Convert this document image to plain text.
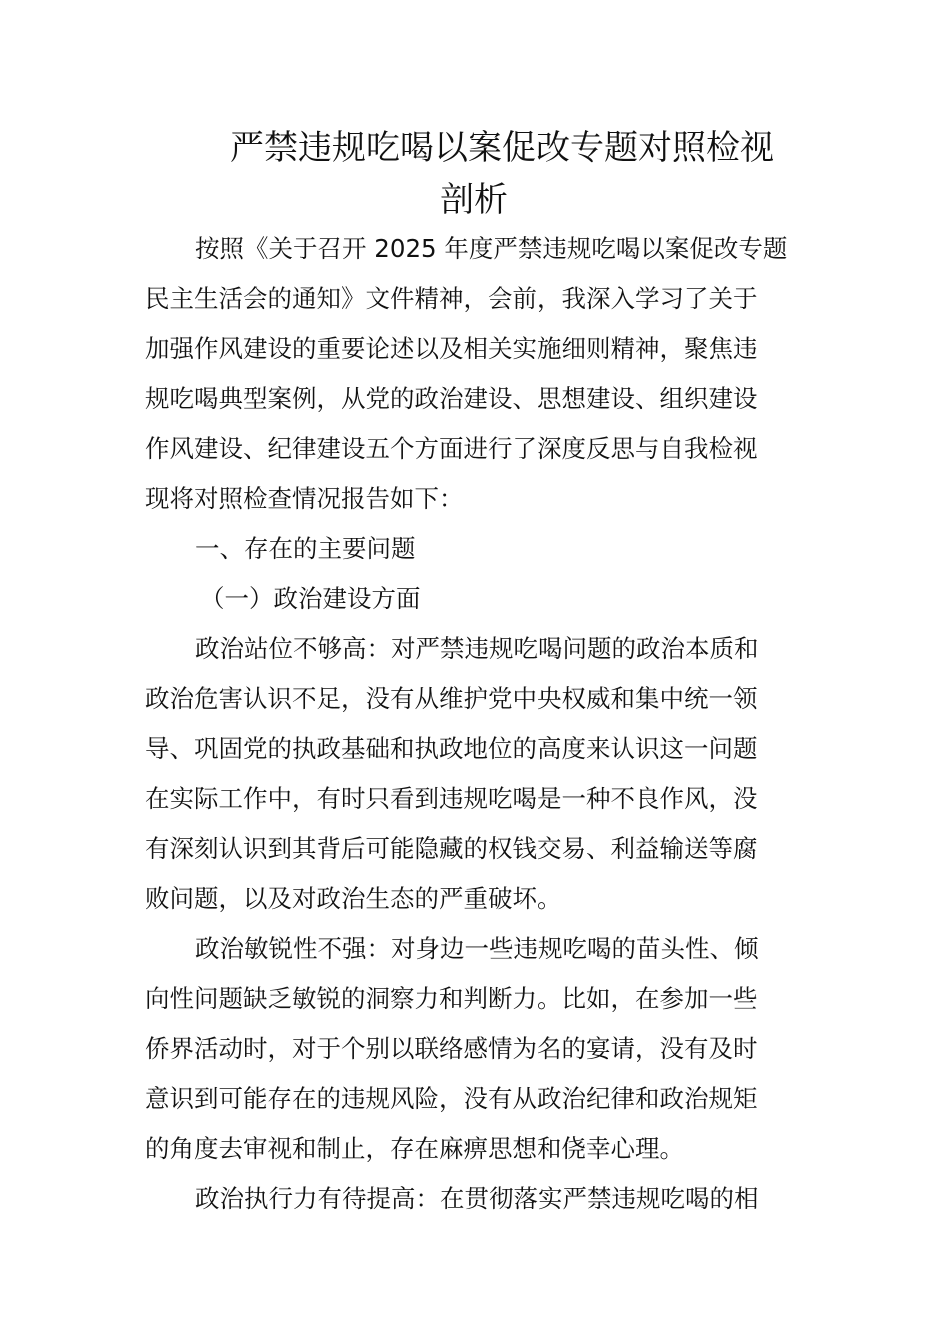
严禁违规吃喝以案促改专题对照检视
剖析
按照《关于召开 2025 年度严禁违规吃喝以案促改专题
民主生活会的通知》文件精神，会前，我深入学习了关于
加强作风建设的重要论述以及相关实施细则精神，聚焦违
规吃喝典型案例，从党的政治建设、思想建设、组织建设
作风建设、纪律建设五个方面进行了深度反思与自我检视
现将对照检查情况报告如下：
一、存在的主要问题
（一）政治建设方面
政治站位不够高：对严禁违规吃喝问题的政治本质和
政治危害认识不足，没有从维护党中央权威和集中统一领
导、巩固党的执政基础和执政地位的高度来认识这一问题
在实际工作中，有时只看到违规吃喝是一种不良作风，没
有深刻认识到其背后可能隐藏的权钱交易、利益输送等腐
败问题，以及对政治生态的严重破坏。
政治敏锐性不强：对身边一些违规吃喝的苗头性、倾
向性问题缺乏敏锐的洞察力和判断力。比如，在参加一些
侨界活动时，对于个别以联络感情为名的宴请，没有及时
意识到可能存在的违规风险，没有从政治纪律和政治规矩
的角度去审视和制止，存在麻痹思想和侥幸心理。
政治执行力有待提高：在贯彻落实严禁违规吃喝的相
